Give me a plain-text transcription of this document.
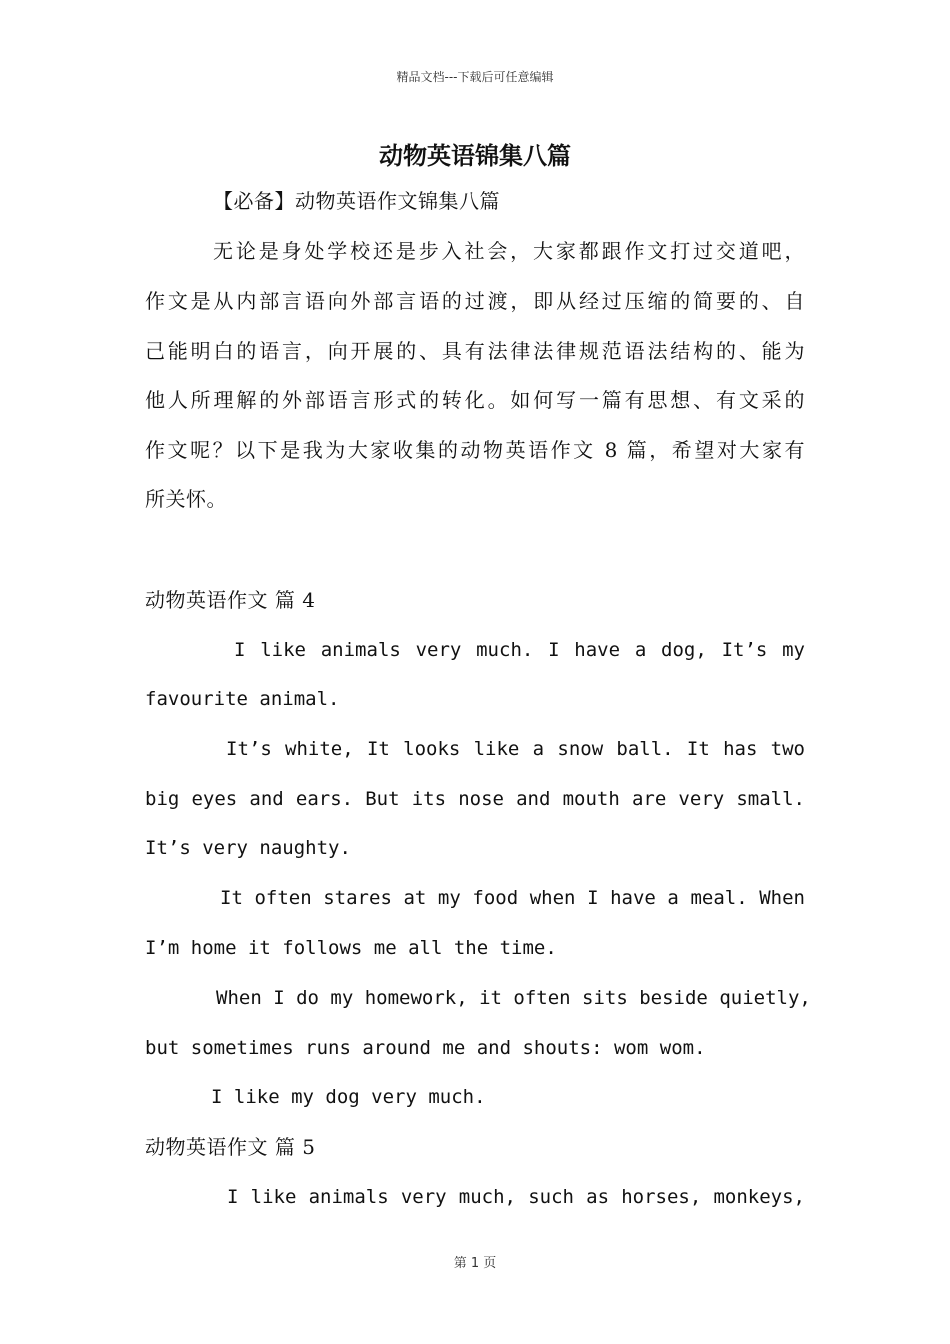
精品文档---下载后可任意编辑
动物英语锦集八篇
【必备】动物英语作文锦集八篇
无论是身处学校还是步入社会，大家都跟作文打过交道吧，
作文是从内部言语向外部言语的过渡，即从经过压缩的简要的、自
己能明白的语言，向开展的、具有法律法律规范语法结构的、能为
他人所理解的外部语言形式的转化。如何写一篇有思想、有文采的
作文呢？以下是我为大家收集的动物英语作文 8 篇，希望对大家有
所关怀。
动物英语作文 篇 4
I like animals very much. I have a dog, It’s my
favourite animal.
It’s white, It looks like a snow ball. It has two
big eyes and ears. But its nose and mouth are very small.
It’s very naughty.
It often stares at my food when I have a meal. When
I’m home it follows me all the time.
When I do my homework, it often sits beside quietly,
but sometimes runs around me and shouts: wom wom.
I like my dog very much.
动物英语作文 篇 5
I like animals very much, such as horses, monkeys,
第 1 页
